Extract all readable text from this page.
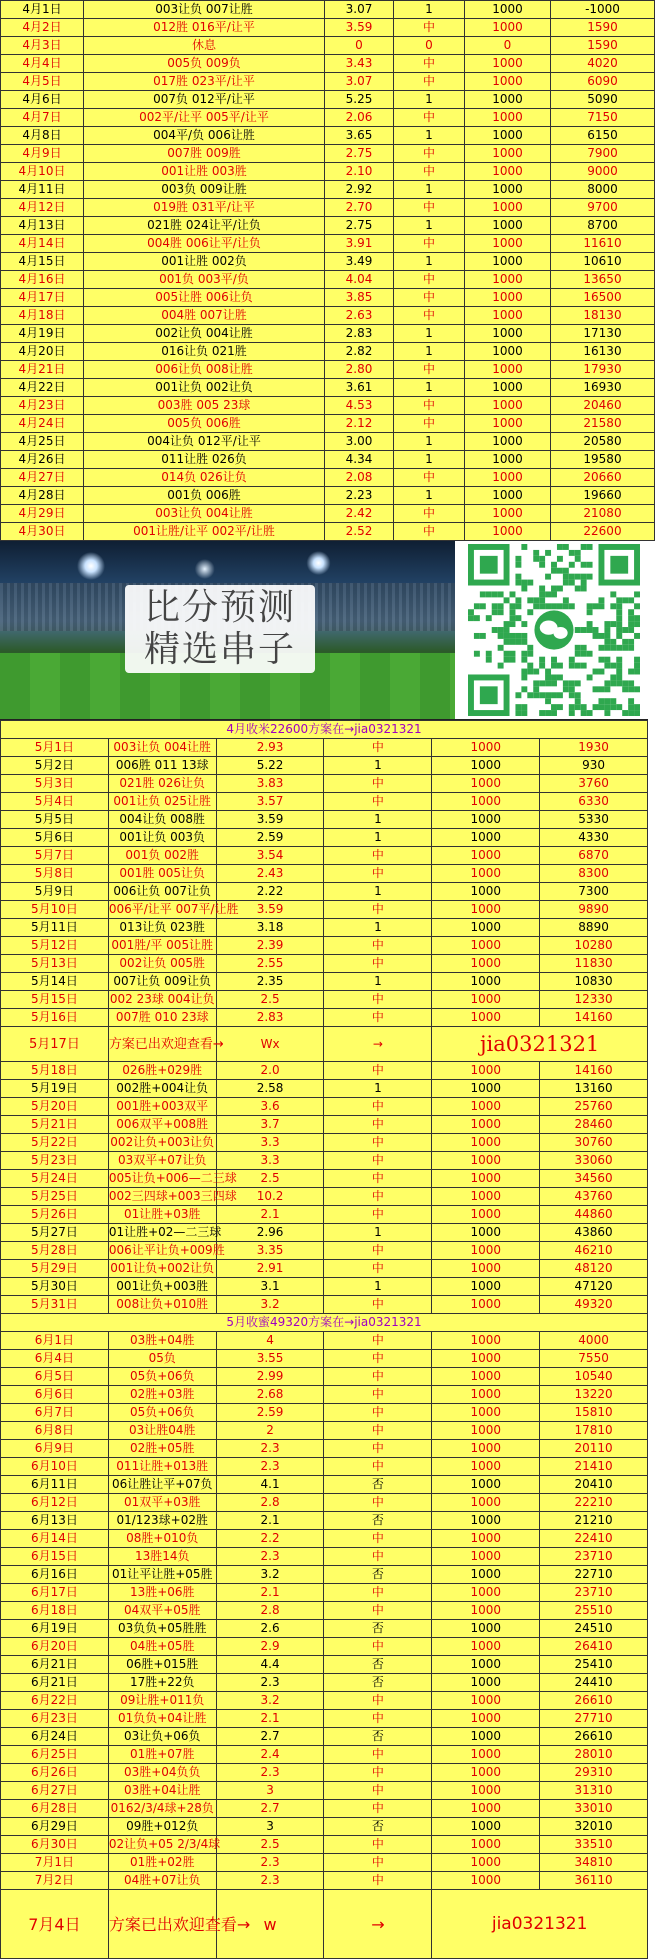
4月1日	003让负 007让胜	3.07	1	1000	-1000
4月2日	012胜 016平/让平	3.59	中	1000	1590
4月3日	休息	0	0	0	1590
4月4日	005负 009负	3.43	中	1000	4020
4月5日	017胜 023平/让平	3.07	中	1000	6090
4月6日	007负 012平/让平	5.25	1	1000	5090
4月7日	002平/让平 005平/让平	2.06	中	1000	7150
4月8日	004平/负 006让胜	3.65	1	1000	6150
4月9日	007胜 009胜	2.75	中	1000	7900
4月10日	001让胜 003胜	2.10	中	1000	9000
4月11日	003负 009让胜	2.92	1	1000	8000
4月12日	019胜 031平/让平	2.70	中	1000	9700
4月13日	021胜 024让平/让负	2.75	1	1000	8700
4月14日	004胜 006让平/让负	3.91	中	1000	11610
4月15日	001让胜 002负	3.49	1	1000	10610
4月16日	001负 003平/负	4.04	中	1000	13650
4月17日	005让胜 006让负	3.85	中	1000	16500
4月18日	004胜 007让胜	2.63	中	1000	18130
4月19日	002让负 004让胜	2.83	1	1000	17130
4月20日	016让负 021胜	2.82	1	1000	16130
4月21日	006让负 008让胜	2.80	中	1000	17930
4月22日	001让负 002让负	3.61	1	1000	16930
4月23日	003胜 005 23球	4.53	中	1000	20460
4月24日	005负 006胜	2.12	中	1000	21580
4月25日	004让负 012平/让平	3.00	1	1000	20580
4月26日	011让胜 026负	4.34	1	1000	19580
4月27日	014负 026让负	2.08	中	1000	20660
4月28日	001负 006胜	2.23	1	1000	19660
4月29日	003让负 004让胜	2.42	中	1000	21080
4月30日	001让胜/让平 002平/让胜	2.52	中	1000	22600
比分预测
精选串子
4月收米22600方案在→jia0321321					
5月1日	003让负 004让胜	2.93	中	1000	1930
5月2日	006胜 011 13球	5.22	1	1000	930
5月3日	021胜 026让负	3.83	中	1000	3760
5月4日	001让负 025让胜	3.57	中	1000	6330
5月5日	004让负 008胜	3.59	1	1000	5330
5月6日	001让负 003负	2.59	1	1000	4330
5月7日	001负 002胜	3.54	中	1000	6870
5月8日	001胜 005让负	2.43	中	1000	8300
5月9日	006让负 007让负	2.22	1	1000	7300
5月10日	006平/让平 007平/让胜	3.59	中	1000	9890
5月11日	013让负 023胜	3.18	1	1000	8890
5月12日	001胜/平 005让胜	2.39	中	1000	10280
5月13日	002让负 005胜	2.55	中	1000	11830
5月14日	007让负 009让负	2.35	1	1000	10830
5月15日	002 23球 004让负	2.5	中	1000	12330
5月16日	007胜 010 23球	2.83	中	1000	14160
5月17日	方案已出欢迎查看→	Wx	→	jia0321321	
5月18日	026胜+029胜	2.0	中	1000	14160
5月19日	002胜+004让负	2.58	1	1000	13160
5月20日	001胜+003双平	3.6	中	1000	25760
5月21日	006双平+008胜	3.7	中	1000	28460
5月22日	002让负+003让负	3.3	中	1000	30760
5月23日	03双平+07让负	3.3	中	1000	33060
5月24日	005让负+006—二三球	2.5	中	1000	34560
5月25日	002三四球+003三四球	10.2	中	1000	43760
5月26日	01让胜+03胜	2.1	中	1000	44860
5月27日	01让胜+02—二三球	2.96	1	1000	43860
5月28日	006让平让负+009胜	3.35	中	1000	46210
5月29日	001让负+002让负	2.91	中	1000	48120
5月30日	001让负+003胜	3.1	1	1000	47120
5月31日	008让负+010胜	3.2	中	1000	49320
5月收蜜49320方案在→jia0321321					
6月1日	03胜+04胜	4	中	1000	4000
6月4日	05负	3.55	中	1000	7550
6月5日	05负+06负	2.99	中	1000	10540
6月6日	02胜+03胜	2.68	中	1000	13220
6月7日	05负+06负	2.59	中	1000	15810
6月8日	03让胜04胜	2	中	1000	17810
6月9日	02胜+05胜	2.3	中	1000	20110
6月10日	011让胜+013胜	2.3	中	1000	21410
6月11日	06让胜让平+07负	4.1	否	1000	20410
6月12日	01双平+03胜	2.8	中	1000	22210
6月13日	01/123球+02胜	2.1	否	1000	21210
6月14日	08胜+010负	2.2	中	1000	22410
6月15日	13胜14负	2.3	中	1000	23710
6月16日	01让平让胜+05胜	3.2	否	1000	22710
6月17日	13胜+06胜	2.1	中	1000	23710
6月18日	04双平+05胜	2.8	中	1000	25510
6月19日	03负负+05胜胜	2.6	否	1000	24510
6月20日	04胜+05胜	2.9	中	1000	26410
6月21日	06胜+015胜	4.4	否	1000	25410
6月21日	17胜+22负	2.3	否	1000	24410
6月22日	09让胜+011负	3.2	中	1000	26610
6月23日	01负负+04让胜	2.1	中	1000	27710
6月24日	03让负+06负	2.7	否	1000	26610
6月25日	01胜+07胜	2.4	中	1000	28010
6月26日	03胜+04负负	2.3	中	1000	29310
6月27日	03胜+04让胜	3	中	1000	31310
6月28日	0162/3/4球+28负	2.7	中	1000	33010
6月29日	09胜+012负	3	否	1000	32010
6月30日	02让负+05 2/3/4球	2.5	中	1000	33510
7月1日	01胜+02胜	2.3	中	1000	34810
7月2日	04胜+07让负	2.3	中	1000	36110
7月4日	方案已出欢迎查看→	w	→	jia0321321	
